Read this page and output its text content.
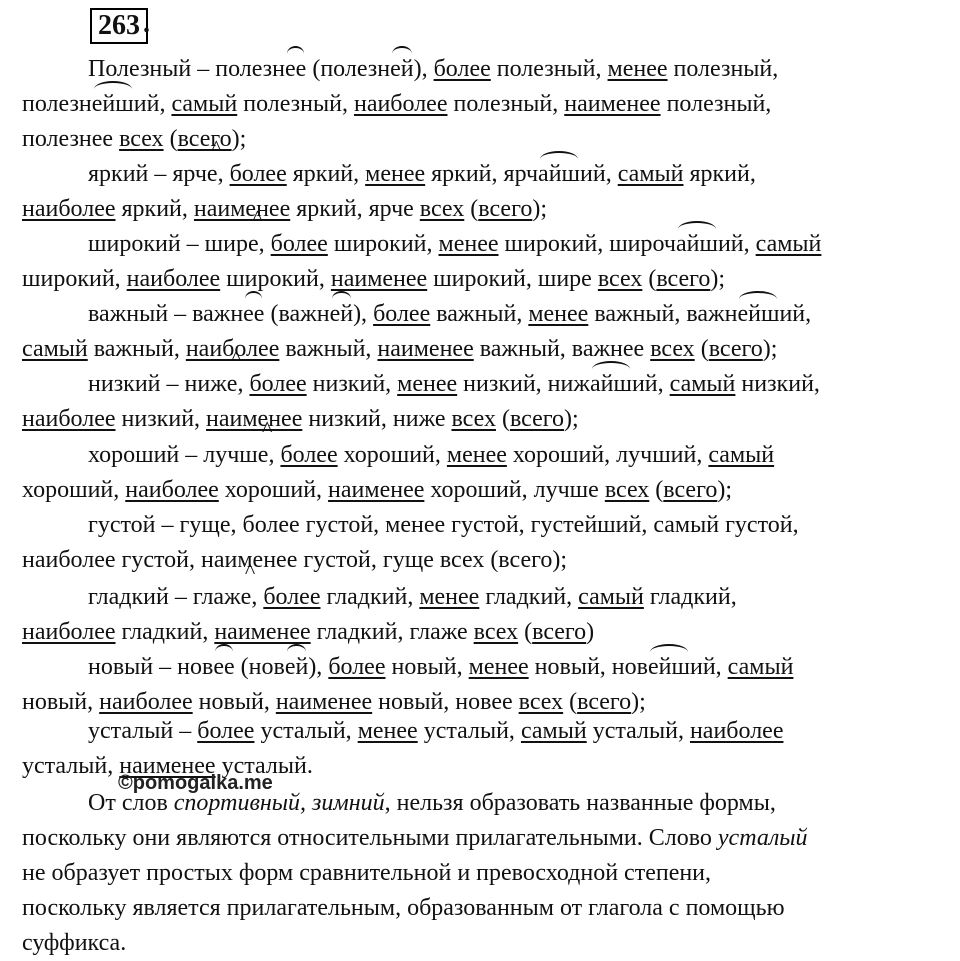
263 .
Полезный – полезнее (полезней), более полезный, менее полезный,
полезнейший, самый полезный, наиболее полезный, наименее полезный,
полезнее всех (всего);
яркий – ярче ^, более яркий, менее яркий, ярчайший, самый яркий,
наиболее яркий, наименее яркий, ярче всех (всего);
широкий – шире ^, более широкий, менее широкий, широчайший, самый
широкий, наиболее широкий, наименее широкий, шире всех (всего);
важный – важнее (важней), более важный, менее важный, важнейший,
самый важный, наиболее важный, наименее важный, важнее всех (всего);
низкий – ниже ^, более низкий, менее низкий, нижайший, самый низкий,
наиболее низкий, наименее низкий, ниже всех (всего);
хороший – лучше ^, более хороший, менее хороший, лучший, самый
хороший, наиболее хороший, наименее хороший, лучше всех (всего);
густой – гуще, более густой, менее густой, густейший, самый густой,
наиболее густой, наименее густой, гуще всех (всего);
гладкий – глаже ^, более гладкий, менее гладкий, самый гладкий,
наиболее гладкий, наименее гладкий, глаже всех (всего)
новый – новее (новей), более новый, менее новый, новейший, самый
новый, наиболее новый, наименее новый, новее всех (всего);
усталый – более усталый, менее усталый, самый усталый, наиболее
усталый, наименее усталый.
©pomogalka.me
От слов спортивный, зимний, нельзя образовать названные формы,
поскольку они являются относительными прилагательными. Слово усталый
не образует простых форм сравнительной и превосходной степени,
поскольку является прилагательным, образованным от глагола с помощью
суффикса.
